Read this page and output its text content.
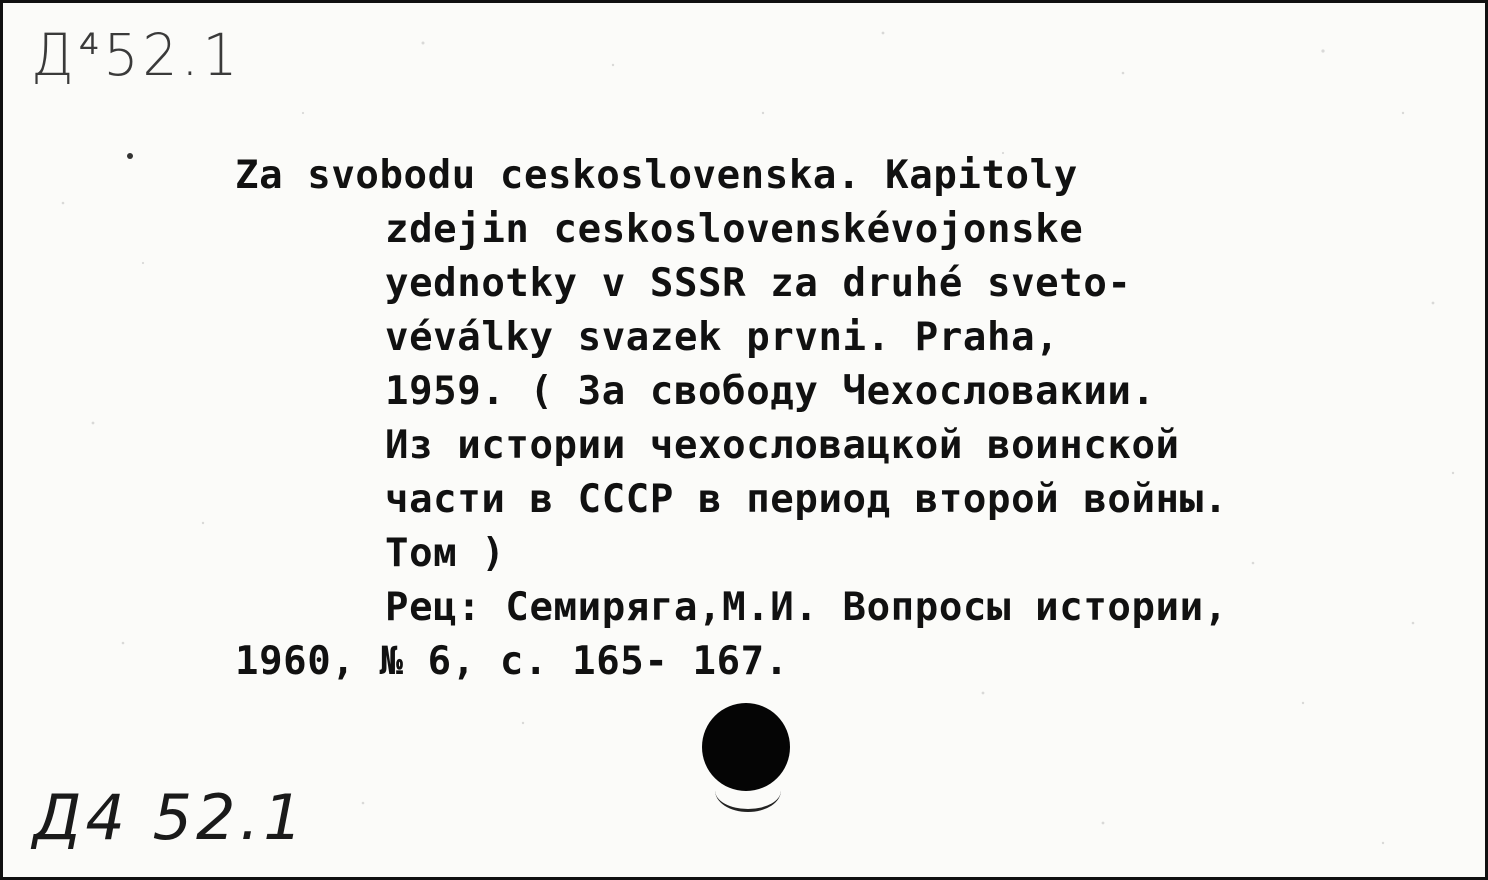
Д⁴52.1
Za svobodu ceskoslovenska. Kapitoly
zdejin ceskoslovenskévojonske
yednotky v SSSR za druhé sveto-
véválky svazek prvni. Praha,
1959. ( За свободу Чехословакии.
Из истории чехословацкой воинской
части в СССР в период второй войны.
Том )
Рец: Семиряга,М.И. Вопросы истории,
1960, № 6, с. 165- 167.
Д4 52.1
